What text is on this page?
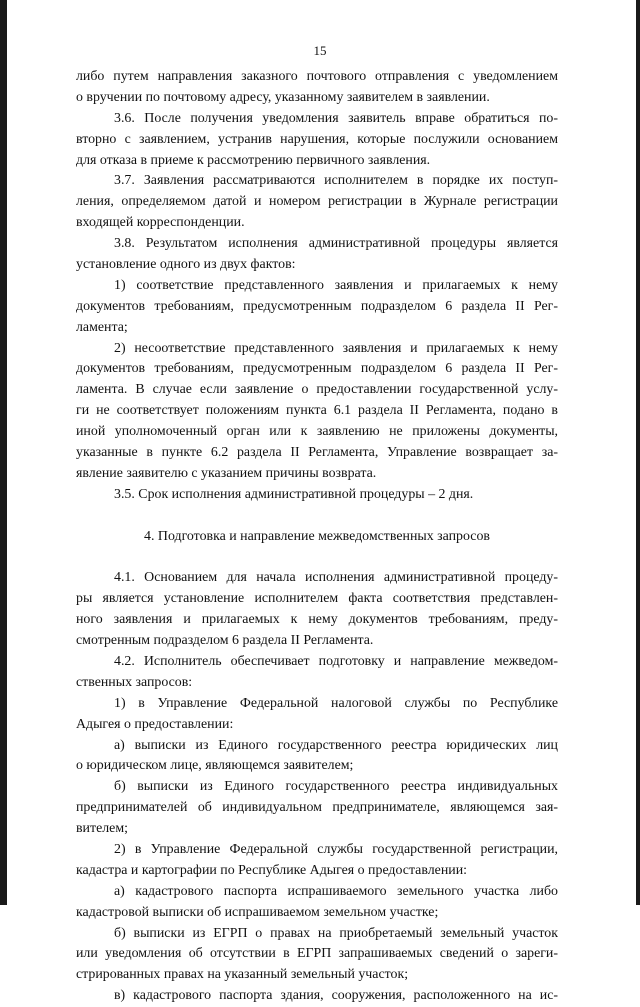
15
либо путем направления заказного почтового отправления с уведомлением
о вручении по почтовому адресу, указанному заявителем в заявлении.
3.6. После получения уведомления заявитель вправе обратиться по-
вторно с заявлением, устранив нарушения, которые послужили основанием
для отказа в приеме к рассмотрению первичного заявления.
3.7. Заявления рассматриваются исполнителем в порядке их поступ-
ления, определяемом датой и номером регистрации в Журнале регистрации
входящей корреспонденции.
3.8. Результатом исполнения административной процедуры является
установление одного из двух фактов:
1) соответствие представленного заявления и прилагаемых к нему
документов требованиям, предусмотренным подразделом 6 раздела II Рег-
ламента;
2) несоответствие представленного заявления и прилагаемых к нему
документов требованиям, предусмотренным подразделом 6 раздела II Рег-
ламента. В случае если заявление о предоставлении государственной услу-
ги не соответствует положениям пункта 6.1 раздела II Регламента, подано в
иной уполномоченный орган или к заявлению не приложены документы,
указанные в пункте 6.2 раздела II Регламента, Управление возвращает за-
явление заявителю с указанием причины возврата.
3.5. Срок исполнения административной процедуры – 2 дня.
4. Подготовка и направление межведомственных запросов
4.1. Основанием для начала исполнения административной процеду-
ры является установление исполнителем факта соответствия представлен-
ного заявления и прилагаемых к нему документов требованиям, преду-
смотренным подразделом 6 раздела II Регламента.
4.2. Исполнитель обеспечивает подготовку и направление межведом-
ственных запросов:
1) в Управление Федеральной налоговой службы по Республике
Адыгея о предоставлении:
а) выписки из Единого государственного реестра юридических лиц
о юридическом лице, являющемся заявителем;
б) выписки из Единого государственного реестра индивидуальных
предпринимателей об индивидуальном предпринимателе, являющемся зая-
вителем;
2) в Управление Федеральной службы государственной регистрации,
кадастра и картографии по Республике Адыгея о предоставлении:
а) кадастрового паспорта испрашиваемого земельного участка либо
кадастровой выписки об испрашиваемом земельном участке;
б) выписки из ЕГРП о правах на приобретаемый земельный участок
или уведомления об отсутствии в ЕГРП запрашиваемых сведений о зареги-
стрированных правах на указанный земельный участок;
в) кадастрового паспорта здания, сооружения, расположенного на ис-
